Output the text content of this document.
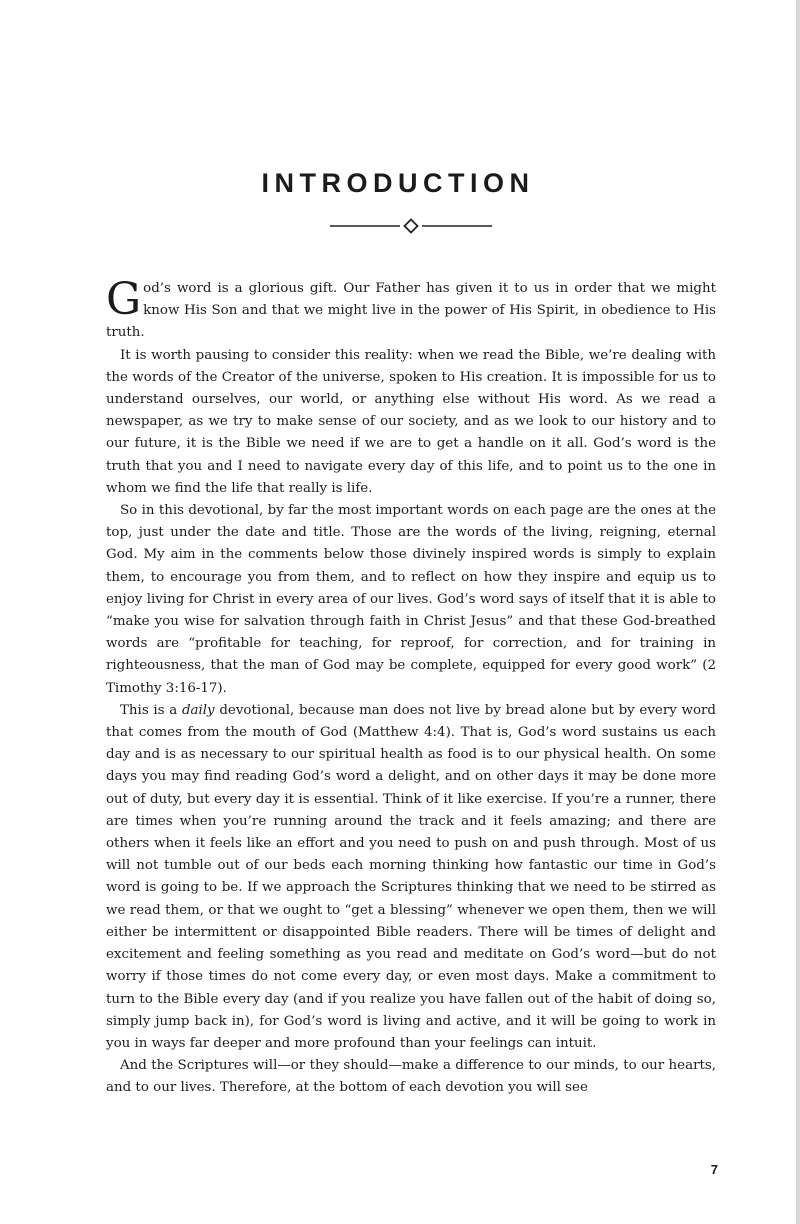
INTRODUCTION

God’s word is a glorious gift. Our Father has given it to us in order that we might know His Son and that we might live in the power of His Spirit, in obedience to His truth.

It is worth pausing to consider this reality: when we read the Bible, we’re dealing with the words of the Creator of the universe, spoken to His creation. It is impossible for us to understand ourselves, our world, or anything else without His word. As we read a newspaper, as we try to make sense of our society, and as we look to our history and to our future, it is the Bible we need if we are to get a handle on it all. God’s word is the truth that you and I need to navigate every day of this life, and to point us to the one in whom we find the life that really is life.

So in this devotional, by far the most important words on each page are the ones at the top, just under the date and title. Those are the words of the living, reigning, eternal God. My aim in the comments below those divinely inspired words is simply to explain them, to encourage you from them, and to reflect on how they inspire and equip us to enjoy living for Christ in every area of our lives. God’s word says of itself that it is able to “make you wise for salvation through faith in Christ Jesus” and that these God-breathed words are “profitable for teaching, for reproof, for correction, and for training in righteousness, that the man of God may be complete, equipped for every good work” (2 Timothy 3:16-17).

This is a daily devotional, because man does not live by bread alone but by every word that comes from the mouth of God (Matthew 4:4). That is, God’s word sustains us each day and is as necessary to our spiritual health as food is to our physical health. On some days you may find reading God’s word a delight, and on other days it may be done more out of duty, but every day it is essential. Think of it like exercise. If you’re a runner, there are times when you’re running around the track and it feels amazing; and there are others when it feels like an effort and you need to push on and push through. Most of us will not tumble out of our beds each morning thinking how fantastic our time in God’s word is going to be. If we approach the Scriptures thinking that we need to be stirred as we read them, or that we ought to “get a blessing” whenever we open them, then we will either be intermittent or disappointed Bible readers. There will be times of delight and excitement and feeling something as you read and meditate on God’s word—but do not worry if those times do not come every day, or even most days. Make a commitment to turn to the Bible every day (and if you realize you have fallen out of the habit of doing so, simply jump back in), for God’s word is living and active, and it will be going to work in you in ways far deeper and more profound than your feelings can intuit.

And the Scriptures will—or they should—make a difference to our minds, to our hearts, and to our lives. Therefore, at the bottom of each devotion you will see

7
